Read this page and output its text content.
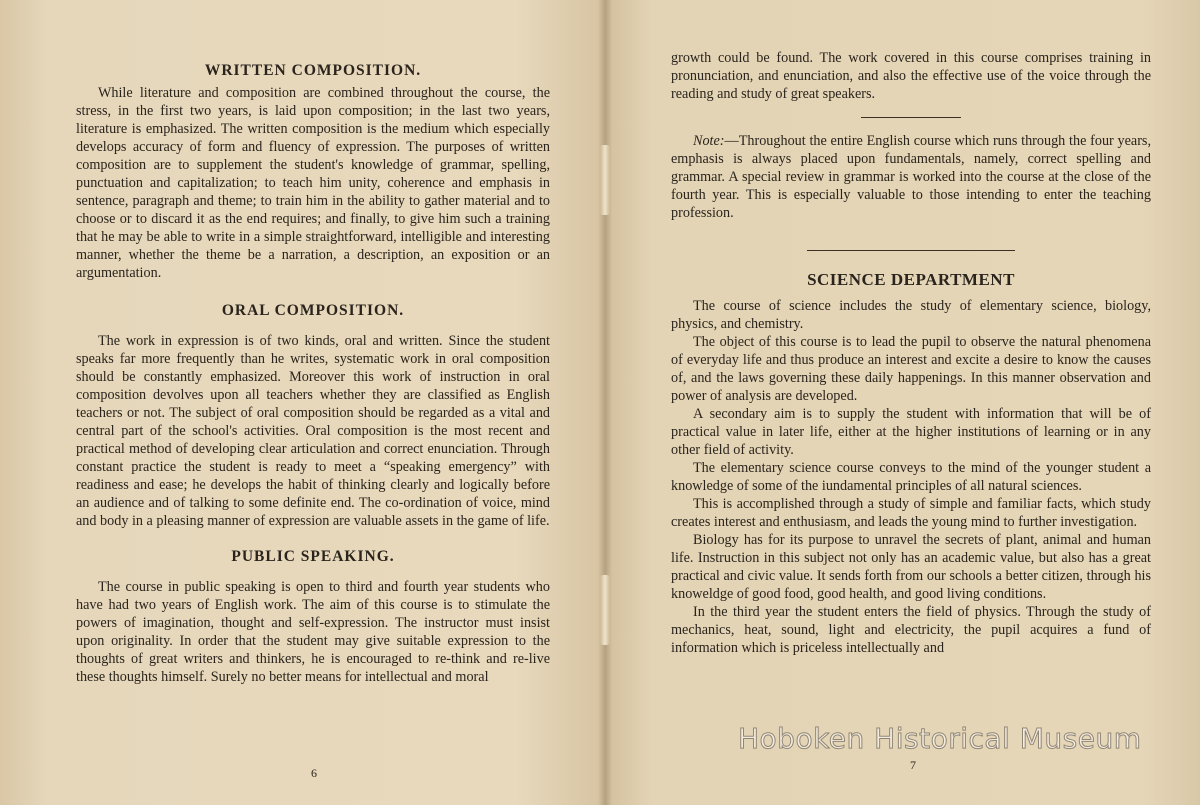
WRITTEN COMPOSITION.

While literature and composition are combined throughout the course, the stress, in the first two years, is laid upon composition; in the last two years, literature is emphasized. The written composition is the medium which especially develops accuracy of form and fluency of expression. The purposes of written composition are to supplement the student's knowledge of grammar, spelling, punctuation and capitalization; to teach him unity, coherence and emphasis in sentence, paragraph and theme; to train him in the ability to gather material and to choose or to discard it as the end requires; and finally, to give him such a training that he may be able to write in a simple straightforward, intelligible and interesting manner, whether the theme be a narration, a description, an exposition or an argumentation.

ORAL COMPOSITION.

The work in expression is of two kinds, oral and written. Since the student speaks far more frequently than he writes, systematic work in oral composition should be constantly emphasized. Moreover this work of instruction in oral composition devolves upon all teachers whether they are classified as English teachers or not. The subject of oral composition should be regarded as a vital and central part of the school's activities. Oral composition is the most recent and practical method of developing clear articulation and correct enunciation. Through constant practice the student is ready to meet a “speaking emergency” with readiness and ease; he develops the habit of thinking clearly and logically before an audience and of talking to some definite end. The co-ordination of voice, mind and body in a pleasing manner of expression are valuable assets in the game of life.

PUBLIC SPEAKING.

The course in public speaking is open to third and fourth year students who have had two years of English work. The aim of this course is to stimulate the powers of imagination, thought and self-expression. The instructor must insist upon originality. In order that the student may give suitable expression to the thoughts of great writers and thinkers, he is encouraged to re-think and re-live these thoughts himself. Surely no better means for intellectual and moral

6

growth could be found. The work covered in this course comprises training in pronunciation, and enunciation, and also the effective use of the voice through the reading and study of great speakers.

Note:—Throughout the entire English course which runs through the four years, emphasis is always placed upon fundamentals, namely, correct spelling and grammar. A special review in grammar is worked into the course at the close of the fourth year. This is especially valuable to those intending to enter the teaching profession.

SCIENCE DEPARTMENT

The course of science includes the study of elementary science, biology, physics, and chemistry.

The object of this course is to lead the pupil to observe the natural phenomena of everyday life and thus produce an interest and excite a desire to know the causes of, and the laws governing these daily happenings. In this manner observation and power of analysis are developed.

A secondary aim is to supply the student with information that will be of practical value in later life, either at the higher institutions of learning or in any other field of activity.

The elementary science course conveys to the mind of the younger student a knowledge of some of the iundamental principles of all natural sciences.

This is accomplished through a study of simple and familiar facts, which study creates interest and enthusiasm, and leads the young mind to further investigation.

Biology has for its purpose to unravel the secrets of plant, animal and human life. Instruction in this subject not only has an academic value, but also has a great practical and civic value. It sends forth from our schools a better citizen, through his knoweldge of good food, good health, and good living conditions.

In the third year the student enters the field of physics. Through the study of mechanics, heat, sound, light and electricity, the pupil acquires a fund of information which is priceless intellectually and

7
Hoboken Historical Museum
